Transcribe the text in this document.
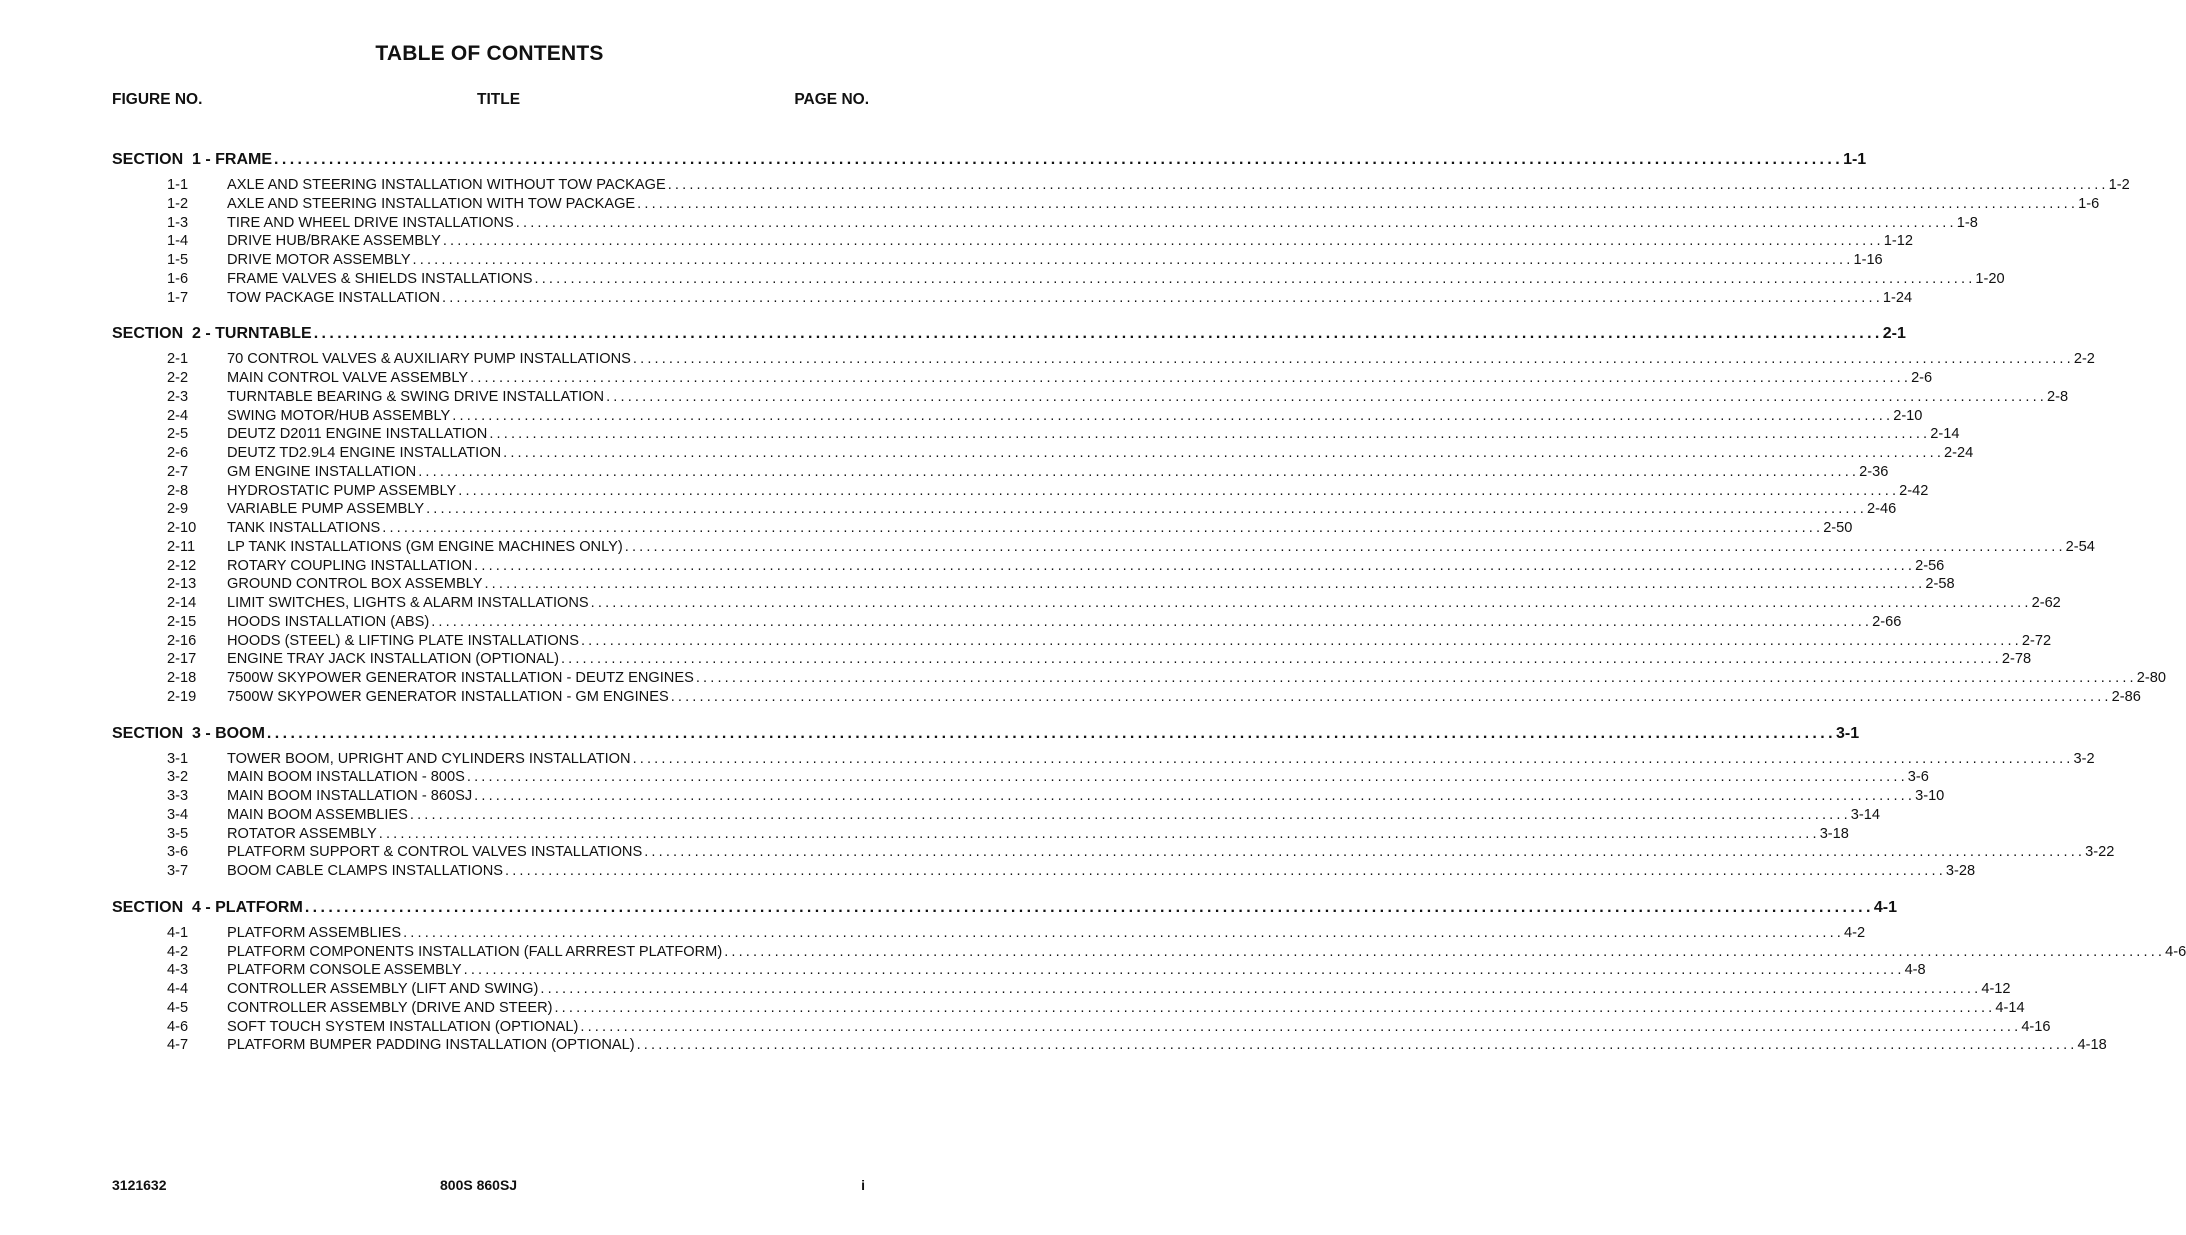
TABLE OF CONTENTS
FIGURE NO.	TITLE	PAGE NO.
SECTION  1 - FRAME ........................................................................................................................................................................................................ 1-1
1-1	AXLE AND STEERING INSTALLATION WITHOUT TOW PACKAGE ........................................................................................................................................................................................................ 1-2
1-2	AXLE AND STEERING INSTALLATION WITH TOW PACKAGE ........................................................................................................................................................................................................ 1-6
1-3	TIRE AND WHEEL DRIVE INSTALLATIONS ........................................................................................................................................................................................................ 1-8
1-4	DRIVE HUB/BRAKE ASSEMBLY ........................................................................................................................................................................................................ 1-12
1-5	DRIVE MOTOR ASSEMBLY ........................................................................................................................................................................................................ 1-16
1-6	FRAME VALVES & SHIELDS INSTALLATIONS ........................................................................................................................................................................................................ 1-20
1-7	TOW PACKAGE INSTALLATION ........................................................................................................................................................................................................ 1-24
SECTION  2 - TURNTABLE ........................................................................................................................................................................................................ 2-1
2-1	70 CONTROL VALVES & AUXILIARY PUMP INSTALLATIONS ........................................................................................................................................................................................................ 2-2
2-2	MAIN CONTROL VALVE ASSEMBLY ........................................................................................................................................................................................................ 2-6
2-3	TURNTABLE BEARING & SWING DRIVE INSTALLATION ........................................................................................................................................................................................................ 2-8
2-4	SWING MOTOR/HUB ASSEMBLY ........................................................................................................................................................................................................ 2-10
2-5	DEUTZ D2011 ENGINE INSTALLATION ........................................................................................................................................................................................................ 2-14
2-6	DEUTZ TD2.9L4 ENGINE INSTALLATION ........................................................................................................................................................................................................ 2-24
2-7	GM ENGINE INSTALLATION ........................................................................................................................................................................................................ 2-36
2-8	HYDROSTATIC PUMP ASSEMBLY ........................................................................................................................................................................................................ 2-42
2-9	VARIABLE PUMP ASSEMBLY ........................................................................................................................................................................................................ 2-46
2-10	TANK INSTALLATIONS ........................................................................................................................................................................................................ 2-50
2-11	LP TANK INSTALLATIONS (GM ENGINE MACHINES ONLY) ........................................................................................................................................................................................................ 2-54
2-12	ROTARY COUPLING INSTALLATION ........................................................................................................................................................................................................ 2-56
2-13	GROUND CONTROL BOX ASSEMBLY ........................................................................................................................................................................................................ 2-58
2-14	LIMIT SWITCHES, LIGHTS & ALARM INSTALLATIONS ........................................................................................................................................................................................................ 2-62
2-15	HOODS INSTALLATION (ABS) ........................................................................................................................................................................................................ 2-66
2-16	HOODS (STEEL) & LIFTING PLATE INSTALLATIONS ........................................................................................................................................................................................................ 2-72
2-17	ENGINE TRAY JACK INSTALLATION (OPTIONAL) ........................................................................................................................................................................................................ 2-78
2-18	7500W SKYPOWER GENERATOR INSTALLATION - DEUTZ ENGINES ........................................................................................................................................................................................................ 2-80
2-19	7500W SKYPOWER GENERATOR INSTALLATION - GM ENGINES ........................................................................................................................................................................................................ 2-86
SECTION  3 - BOOM ........................................................................................................................................................................................................ 3-1
3-1	TOWER BOOM, UPRIGHT AND CYLINDERS INSTALLATION ........................................................................................................................................................................................................ 3-2
3-2	MAIN BOOM INSTALLATION - 800S ........................................................................................................................................................................................................ 3-6
3-3	MAIN BOOM INSTALLATION - 860SJ ........................................................................................................................................................................................................ 3-10
3-4	MAIN BOOM ASSEMBLIES ........................................................................................................................................................................................................ 3-14
3-5	ROTATOR ASSEMBLY ........................................................................................................................................................................................................ 3-18
3-6	PLATFORM SUPPORT & CONTROL VALVES INSTALLATIONS ........................................................................................................................................................................................................ 3-22
3-7	BOOM CABLE CLAMPS INSTALLATIONS ........................................................................................................................................................................................................ 3-28
SECTION  4 - PLATFORM ........................................................................................................................................................................................................ 4-1
4-1	PLATFORM ASSEMBLIES ........................................................................................................................................................................................................ 4-2
4-2	PLATFORM COMPONENTS INSTALLATION (FALL ARRREST PLATFORM) ........................................................................................................................................................................................................ 4-6
4-3	PLATFORM CONSOLE ASSEMBLY ........................................................................................................................................................................................................ 4-8
4-4	CONTROLLER ASSEMBLY (LIFT AND SWING) ........................................................................................................................................................................................................ 4-12
4-5	CONTROLLER ASSEMBLY (DRIVE AND STEER) ........................................................................................................................................................................................................ 4-14
4-6	SOFT TOUCH SYSTEM INSTALLATION (OPTIONAL) ........................................................................................................................................................................................................ 4-16
4-7	PLATFORM BUMPER PADDING INSTALLATION (OPTIONAL) ........................................................................................................................................................................................................ 4-18
3121632	800S 860SJ	i
